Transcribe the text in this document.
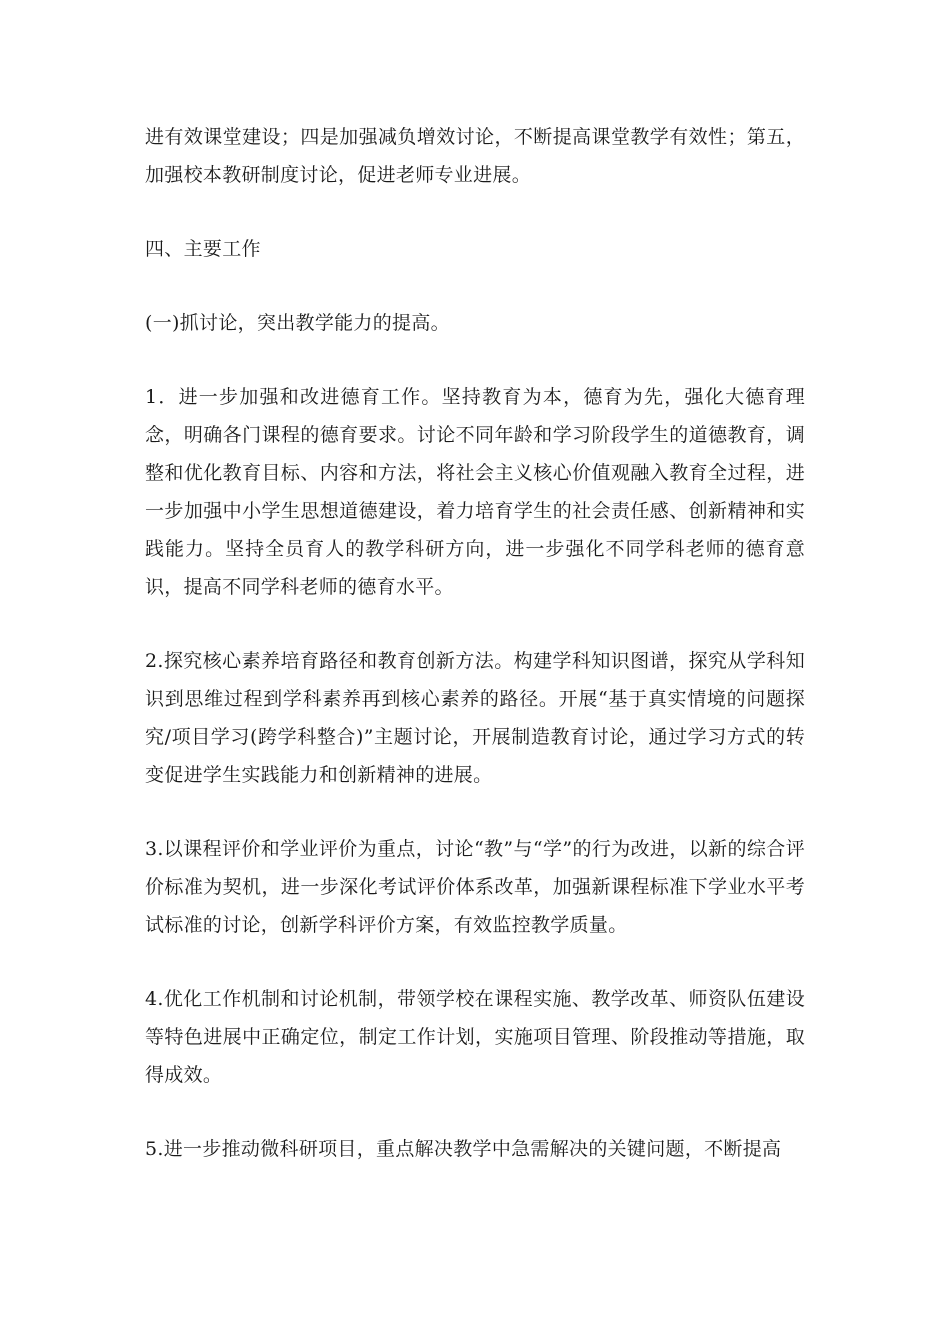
进有效课堂建设；四是加强减负增效讨论，不断提高课堂教学有效性；第五，加强校本教研制度讨论，促进老师专业进展。

四、主要工作

(一)抓讨论，突出教学能力的提高。

1．进一步加强和改进德育工作。坚持教育为本，德育为先，强化大德育理念，明确各门课程的德育要求。讨论不同年龄和学习阶段学生的道德教育，调整和优化教育目标、内容和方法，将社会主义核心价值观融入教育全过程，进一步加强中小学生思想道德建设，着力培育学生的社会责任感、创新精神和实践能力。坚持全员育人的教学科研方向，进一步强化不同学科老师的德育意识，提高不同学科老师的德育水平。

2.探究核心素养培育路径和教育创新方法。构建学科知识图谱，探究从学科知识到思维过程到学科素养再到核心素养的路径。开展“基于真实情境的问题探究/项目学习(跨学科整合)”主题讨论，开展制造教育讨论，通过学习方式的转变促进学生实践能力和创新精神的进展。

3.以课程评价和学业评价为重点，讨论“教”与“学”的行为改进，以新的综合评价标准为契机，进一步深化考试评价体系改革，加强新课程标准下学业水平考试标准的讨论，创新学科评价方案，有效监控教学质量。

4.优化工作机制和讨论机制，带领学校在课程实施、教学改革、师资队伍建设等特色进展中正确定位，制定工作计划，实施项目管理、阶段推动等措施，取得成效。

5.进一步推动微科研项目，重点解决教学中急需解决的关键问题，不断提高
